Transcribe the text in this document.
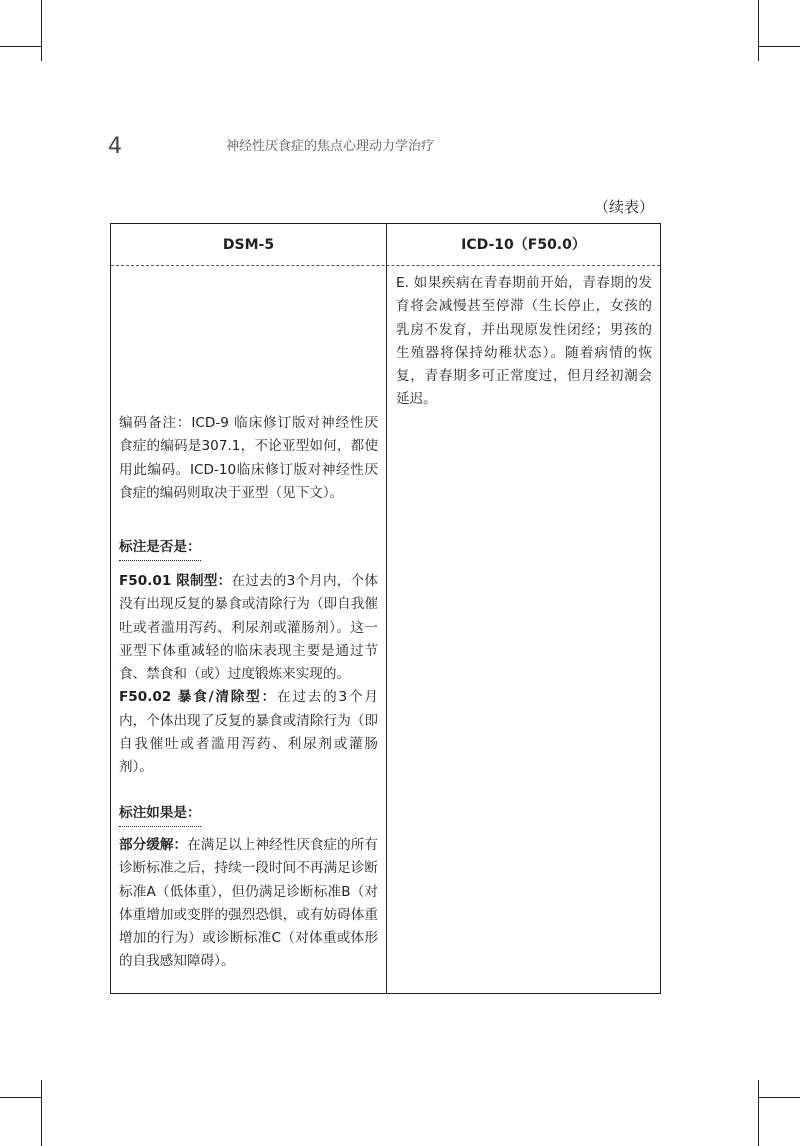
4	神经性厌食症的焦点心理动力学治疗
（续表）
DSM-5	ICD-10（F50.0）

E. 如果疾病在青春期前开始，青春期的发育将会减慢甚至停滞（生长停止，女孩的乳房不发育，并出现原发性闭经；男孩的生殖器将保持幼稚状态）。随着病情的恢复，青春期多可正常度过，但月经初潮会延迟。

编码备注：ICD-9 临床修订版对神经性厌食症的编码是307.1，不论亚型如何，都使用此编码。ICD-10临床修订版对神经性厌食症的编码则取决于亚型（见下文）。

标注是否是：

F50.01 限制型：在过去的3个月内，个体没有出现反复的暴食或清除行为（即自我催吐或者滥用泻药、利尿剂或灌肠剂）。这一亚型下体重减轻的临床表现主要是通过节食、禁食和（或）过度锻炼来实现的。

F50.02 暴食/清除型：在过去的3个月内，个体出现了反复的暴食或清除行为（即自我催吐或者滥用泻药、利尿剂或灌肠剂）。

标注如果是：

部分缓解：在满足以上神经性厌食症的所有诊断标准之后，持续一段时间不再满足诊断标准A（低体重），但仍满足诊断标准B（对体重增加或变胖的强烈恐惧，或有妨碍体重增加的行为）或诊断标准C（对体重或体形的自我感知障碍）。
